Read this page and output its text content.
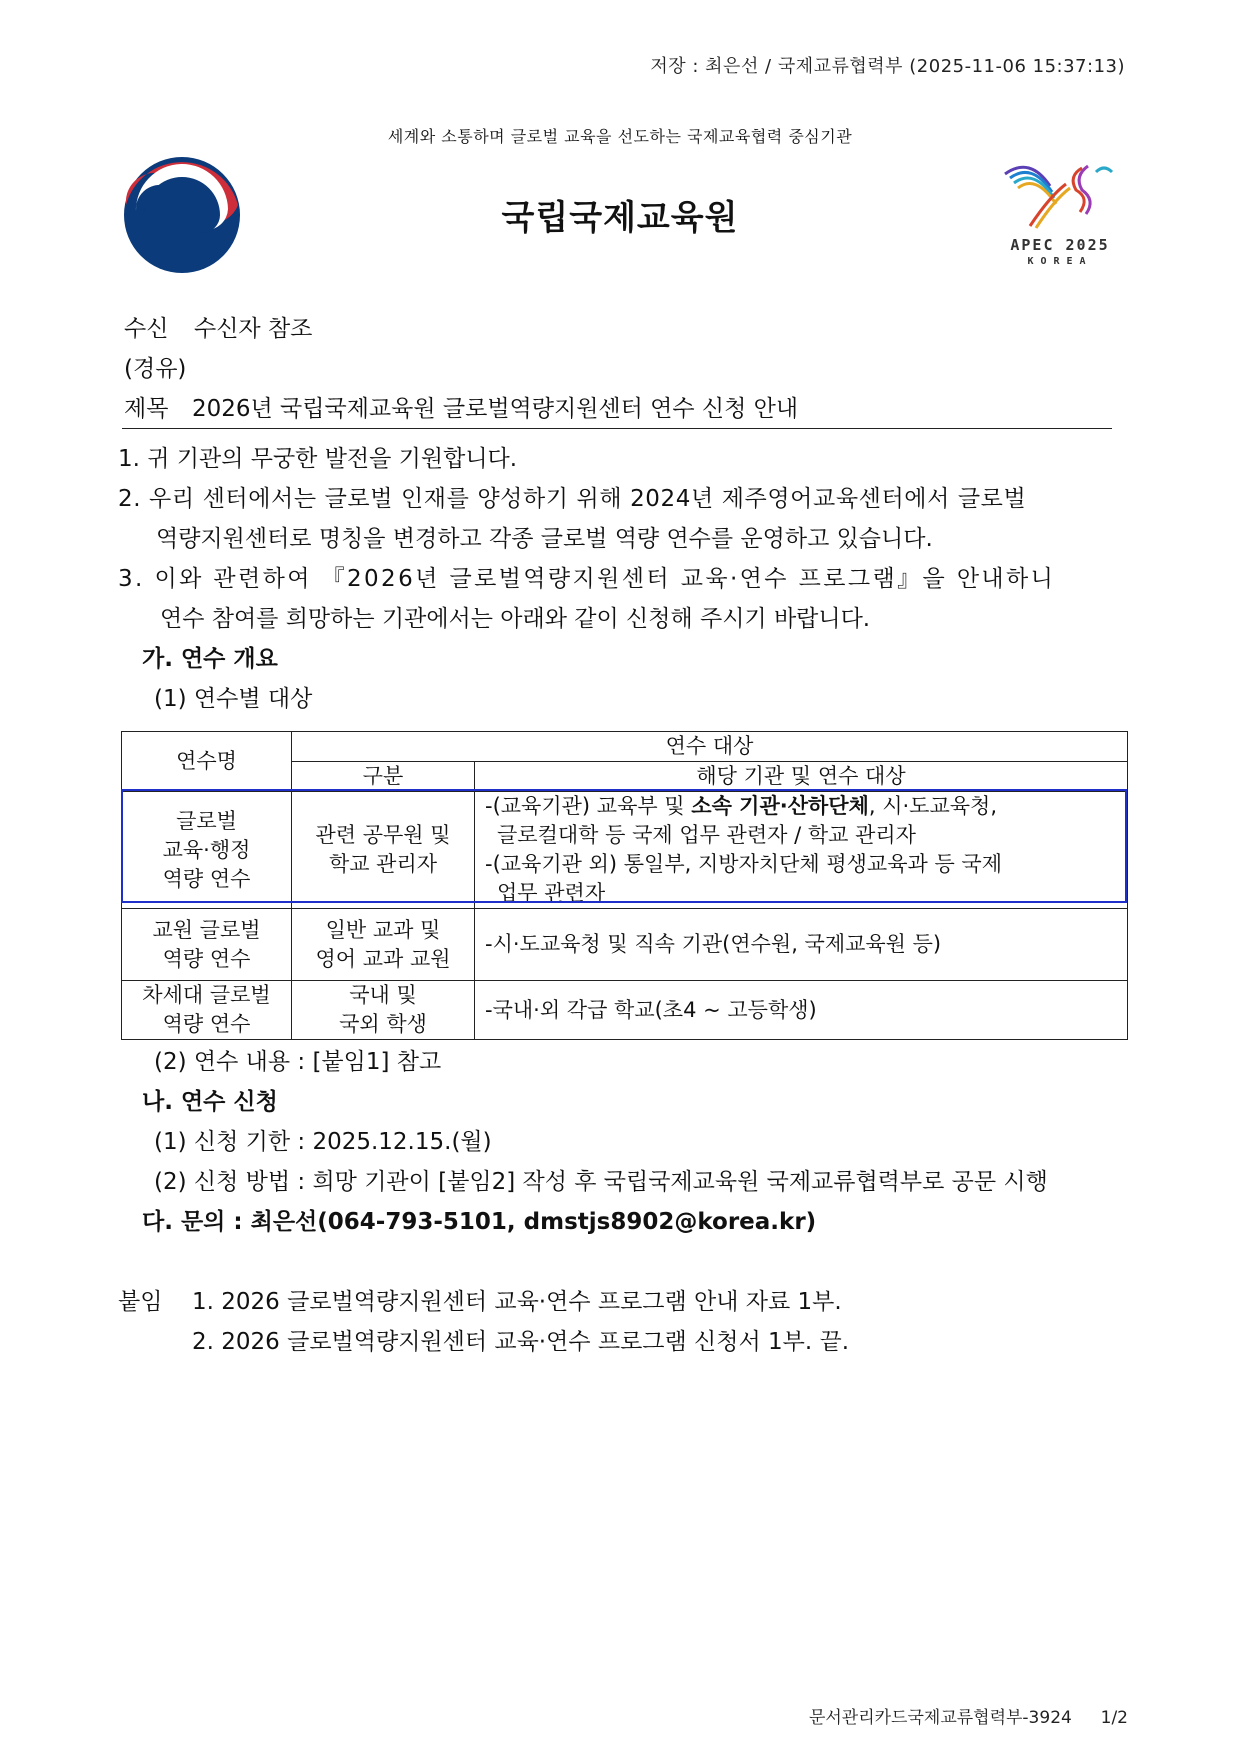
저장 : 최은선 / 국제교류협력부 (2025-11-06 15:37:13)
세계와 소통하며 글로벌 교육을 선도하는 국제교육협력 중심기관
국립국제교육원
APEC 2025
KOREA
수신 수신자 참조
(경유)
제목 2026년 국립국제교육원 글로벌역량지원센터 연수 신청 안내
1. 귀 기관의 무궁한 발전을 기원합니다.
2. 우리 센터에서는 글로벌 인재를 양성하기 위해 2024년 제주영어교육센터에서 글로벌
역량지원센터로 명칭을 변경하고 각종 글로벌 역량 연수를 운영하고 있습니다.
3. 이와 관련하여 『2026년 글로벌역량지원센터 교육·연수 프로그램』을 안내하니
연수 참여를 희망하는 기관에서는 아래와 같이 신청해 주시기 바랍니다.
가. 연수 개요
(1) 연수별 대상
연수명	연수 대상	
	구분	해당 기관 및 연수 대상

글로벌
교육·행정
역량 연수	관련 공무원 및
학교 관리자	-(교육기관) 교육부 및 소속 기관·산하단체, 시·도교육청,
글로컬대학 등 국제 업무 관련자 / 학교 관리자
-(교육기관 외) 통일부, 지방자치단체 평생교육과 등 국제
업무 관련자

교원 글로벌
역량 연수	일반 교과 및
영어 교과 교원	-시·도교육청 및 직속 기관(연수원, 국제교육원 등)

차세대 글로벌
역량 연수	국내 및
국외 학생	-국내·외 각급 학교(초4 ~ 고등학생)
(2) 연수 내용 : [붙임1] 참고
나. 연수 신청
(1) 신청 기한 : 2025.12.15.(월)
(2) 신청 방법 : 희망 기관이 [붙임2] 작성 후 국립국제교육원 국제교류협력부로 공문 시행
다. 문의 : 최은선(064-793-5101, dmstjs8902@korea.kr)
붙임 1. 2026 글로벌역량지원센터 교육·연수 프로그램 안내 자료 1부.
2. 2026 글로벌역량지원센터 교육·연수 프로그램 신청서 1부. 끝.
문서관리카드국제교류협력부-3924 1/2
